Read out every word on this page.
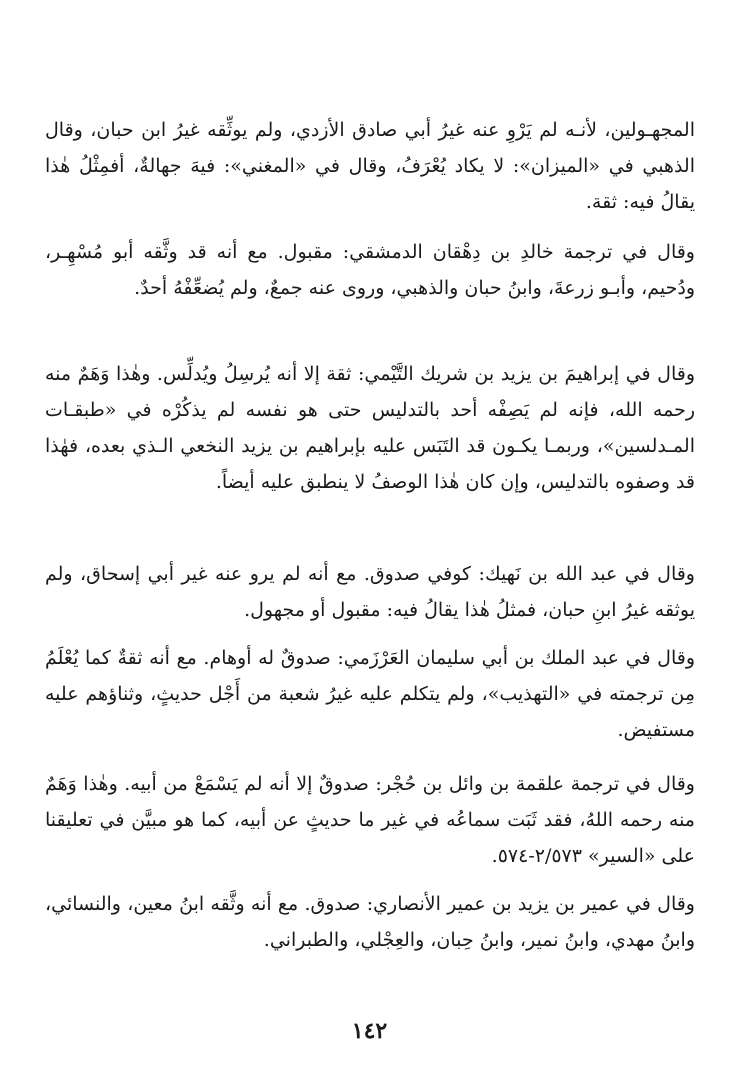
المجهـولين، لأنـه لم يَرْوِ عنه غيرُ أبي صادق الأزدي، ولم يوثِّقه غيرُ ابن حبان، وقال الذهبي في «الميزان»: لا يكاد يُعْرَفُ، وقال في «المغني»: فيهَ جهالةٌ، أفمِثْلُ هٰذا يقالُ فيه: ثقة.

وقال في ترجمة خالدِ بن دِهْقان الدمشقي: مقبول. مع أنه قد وثَّقه أبو مُسْهِـر، ودُحيم، وأبـو زرعةَ، وابنُ حبان والذهبي، وروى عنه جمعٌ، ولم يُضعِّفْهُ أحدٌ.

وقال في إبراهيمَ بن يزيد بن شريك التَّيْمي: ثقة إلا أنه يُرسِلُ ويُدلِّس. وهٰذا وَهَمٌ منه رحمه الله، فإنه لم يَصِفْه أحد بالتدليس حتى هو نفسه لم يذكُرْه في «طبقـات المـدلسين»، وربمـا يكـون قد التَبَس عليه بإبراهيم بن يزيد النخعي الـذي بعده، فهٰذا قد وصفوه بالتدليس، وإن كان هٰذا الوصفُ لا ينطبق عليه أيضاً.

وقال في عبد الله بن نَهيك: كوفي صدوق. مع أنه لم يرو عنه غير أبي إسحاق، ولم يوثقه غيرُ ابنِ حبان، فمثلُ هٰذا يقالُ فيه: مقبول أو مجهول.

وقال في عبد الملك بن أبي سليمان العَرْزَمي: صدوقٌ له أوهام. مع أنه ثقةٌ كما يُعْلَمُ مِن ترجمته في «التهذيب»، ولم يتكلم عليه غيرُ شعبة من أَجْل حديثٍ، وثناؤهم عليه مستفيض.

وقال في ترجمة علقمة بن وائل بن حُجْر: صدوقٌ إلا أنه لم يَسْمَعْ من أبيه. وهٰذا وَهَمٌ منه رحمه اللهُ، فقد ثَبَت سماعُه في غير ما حديثٍ عن أبيه، كما هو مبيَّن في تعليقنا على «السير» ٢/٥٧٣-٥٧٤.

وقال في عمير بن يزيد بن عمير الأنصاري: صدوق. مع أنه وثَّقه ابنُ معين، والنسائي، وابنُ مهدي، وابنُ نمير، وابنُ حِبان، والعِجْلي، والطبراني.

١٤٢
